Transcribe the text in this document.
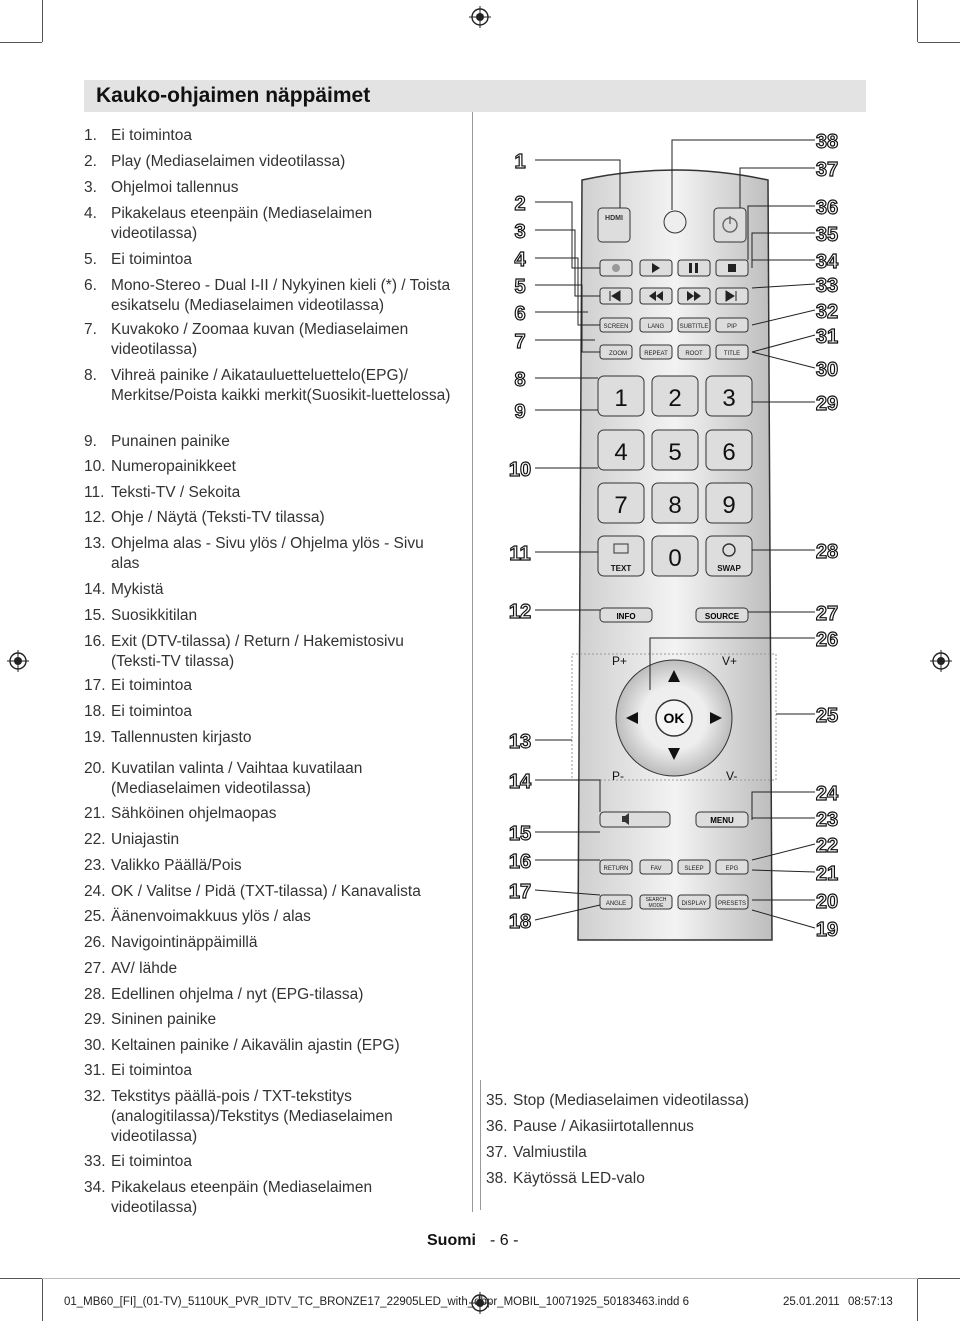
Kauko-ohjaimen näppäimet
1. Ei toimintoa
2. Play (Mediaselaimen videotilassa)
3. Ohjelmoi tallennus
4. Pikakelaus eteenpäin (Mediaselaimen videotilassa)
5. Ei toimintoa
6. Mono-Stereo - Dual I-II / Nykyinen kieli (*) / Toista esikatselu (Mediaselaimen videotilassa)
7. Kuvakoko / Zoomaa kuvan (Mediaselaimen videotilassa)
8. Vihreä painike / Aikatauluetteluettelo(EPG)/ Merkitse/Poista kaikki merkit(Suosikit-luettelossa)
9. Punainen painike
10. Numeropainikkeet
11. Teksti-TV / Sekoita
12. Ohje / Näytä (Teksti-TV tilassa)
13. Ohjelma alas - Sivu ylös / Ohjelma ylös - Sivu alas
14. Mykistä
15. Suosikkitilan
16. Exit (DTV-tilassa) / Return / Hakemistosivu (Teksti-TV tilassa)
17. Ei toimintoa
18. Ei toimintoa
19. Tallennusten kirjasto
20. Kuvatilan valinta / Vaihtaa kuvatilaan (Mediaselaimen videotilassa)
21. Sähköinen ohjelmaopas
22. Uniajastin
23. Valikko Päällä/Pois
24. OK / Valitse / Pidä (TXT-tilassa) / Kanavalista
25. Äänenvoimakkuus ylös / alas
26. Navigointinäppäimillä
27. AV/ lähde
28. Edellinen ohjelma / nyt (EPG-tilassa)
29. Sininen painike
30. Keltainen painike / Aikavälin ajastin (EPG)
31. Ei toimintoa
32. Tekstitys päällä-pois / TXT-tekstitys (analogitilassa)/Tekstitys (Mediaselaimen videotilassa)
33. Ei toimintoa
34. Pikakelaus eteenpäin (Mediaselaimen videotilassa)
35. Stop (Mediaselaimen videotilassa)
36. Pause / Aikasiirtotallennus
37. Valmiustila
38. Käytössä LED-valo
HDMI
SCREEN	LANG	SUBTITLE	PIP
ZOOM	REPEAT	ROOT	TITLE
1 2 3
4 5 6
7 8 9
0
TEXT	SWAP
INFO	SOURCE
P+	V+
OK
P-	V-
MENU
RETURN	FAV	SLEEP	EPG
ANGLE
SEARCH
MODE	DISPLAY PRESETS
1
2
3
4
5
6
7
8
9
10
11
12
13
14
15
16
17
18
38
37
36
35
34
33
32
31
30
29
28
27
26
25
24
23
22
21
20
19
Suomi - 6 -
01_MB60_[FI]_(01-TV)_5110UK_PVR_IDTV_TC_BRONZE17_22905LED_with_dbpr_MOBIL_10071925_50183463.indd 6	25.01.2011 08:57:13
